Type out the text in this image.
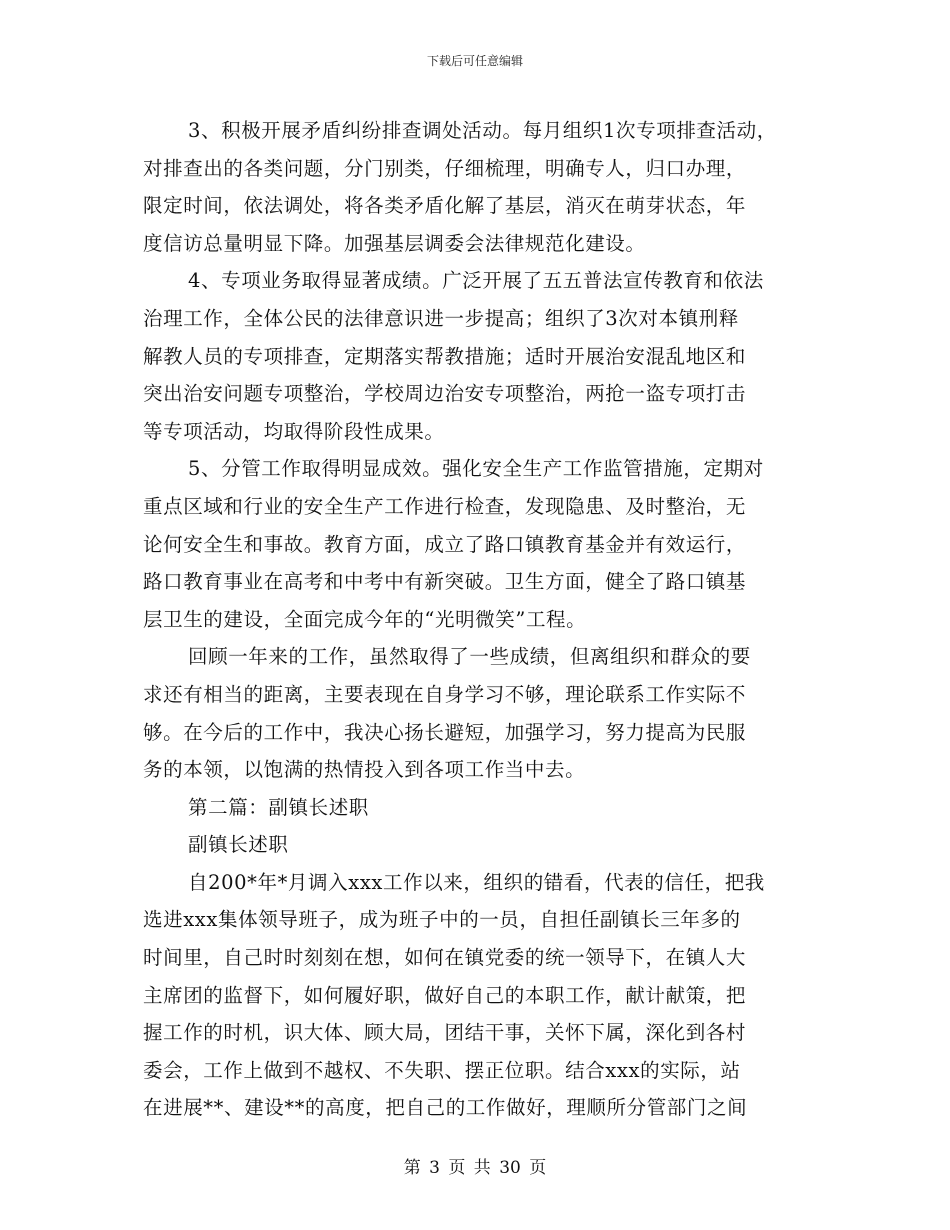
下载后可任意编辑
3、积极开展矛盾纠纷排查调处活动。每月组织1次专项排查活动，
对排查出的各类问题，分门别类，仔细梳理，明确专人，归口办理，
限定时间，依法调处，将各类矛盾化解了基层，消灭在萌芽状态，年
度信访总量明显下降。加强基层调委会法律规范化建设。
4、专项业务取得显著成绩。广泛开展了五五普法宣传教育和依法
治理工作，全体公民的法律意识进一步提高；组织了3次对本镇刑释
解教人员的专项排查，定期落实帮教措施；适时开展治安混乱地区和
突出治安问题专项整治，学校周边治安专项整治，两抢一盗专项打击
等专项活动，均取得阶段性成果。
5、分管工作取得明显成效。强化安全生产工作监管措施，定期对
重点区域和行业的安全生产工作进行检查，发现隐患、及时整治，无
论何安全生和事故。教育方面，成立了路口镇教育基金并有效运行，
路口教育事业在高考和中考中有新突破。卫生方面，健全了路口镇基
层卫生的建设，全面完成今年的“光明微笑”工程。
回顾一年来的工作，虽然取得了一些成绩，但离组织和群众的要
求还有相当的距离，主要表现在自身学习不够，理论联系工作实际不
够。在今后的工作中，我决心扬长避短，加强学习，努力提高为民服
务的本领，以饱满的热情投入到各项工作当中去。
第二篇：副镇长述职
副镇长述职
自200*年*月调入xxx工作以来，组织的错看，代表的信任，把我
选进xxx集体领导班子，成为班子中的一员，自担任副镇长三年多的
时间里，自己时时刻刻在想，如何在镇党委的统一领导下，在镇人大
主席团的监督下，如何履好职，做好自己的本职工作，献计献策，把
握工作的时机，识大体、顾大局，团结干事，关怀下属，深化到各村
委会，工作上做到不越权、不失职、摆正位职。结合xxx的实际，站
在进展**、建设**的高度，把自己的工作做好，理顺所分管部门之间
第 3 页 共 30 页
